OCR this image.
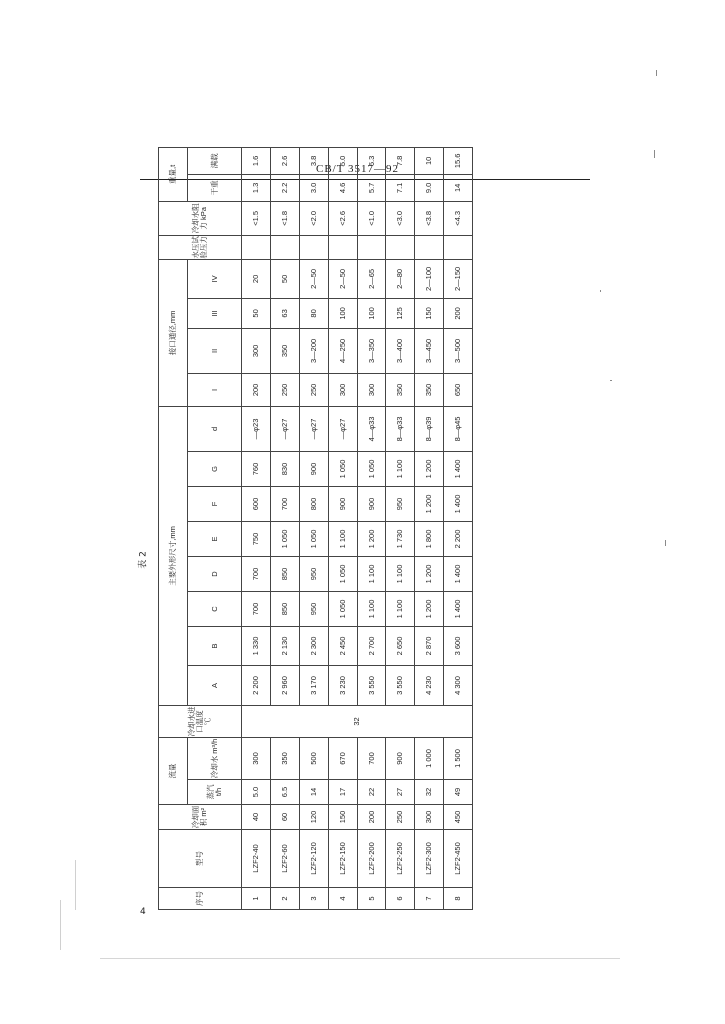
CB/T 3517—92
表 2
4
序号	型号	冷却面积 m²	流量		冷却水进口温度 ℃	主要外形尺寸,mm								接口通径,mm				水压试验压力	冷却水阻力 kPa	重量,t	
			蒸汽 t/h	冷却水 m³/h		A	B	C	D	E	F	G	d	I	II	III	IV			干重	满载
1	LZF2-40	40	5.0	300	32	2 200	1 330	700	700	750	600	760	—φ23	200	300	50	20		<1.5	1.3	1.6
2	LZF2-60	60	6.5	350		2 960	2 130	850	850	1 050	700	830	—φ27	250	350	63	50		<1.8	2.2	2.6
3	LZF2-120	120	14	500		3 170	2 300	950	950	1 050	800	900	—φ27	250	3—200	80	2—50		<2.0	3.0	3.8
4	LZF2-150	150	17	670		3 230	2 450	1 050	1 050	1 100	900	1 050	—φ27	300	4—250	100	2—50		<2.6	4.6	5.0
5	LZF2-200	200	22	700		3 550	2 700	1 100	1 100	1 200	900	1 050	4—φ33	300	3—350	100	2—65		<1.0	5.7	6.3
6	LZF2-250	250	27	900		3 550	2 650	1 100	1 100	1 730	950	1 100	8—φ33	350	3—400	125	2—80		<3.0	7.1	7.8
7	LZF2-300	300	32	1 000		4 230	2 870	1 200	1 200	1 800	1 200	1 200	8—φ39	350	3—450	150	2—100		<3.8	9.0	10
8	LZF2-450	450	49	1 500		4 300	3 600	1 400	1 400	2 200	1 400	1 400	8—φ45	650	3—500	200	2—150		<4.3	14	15.6
